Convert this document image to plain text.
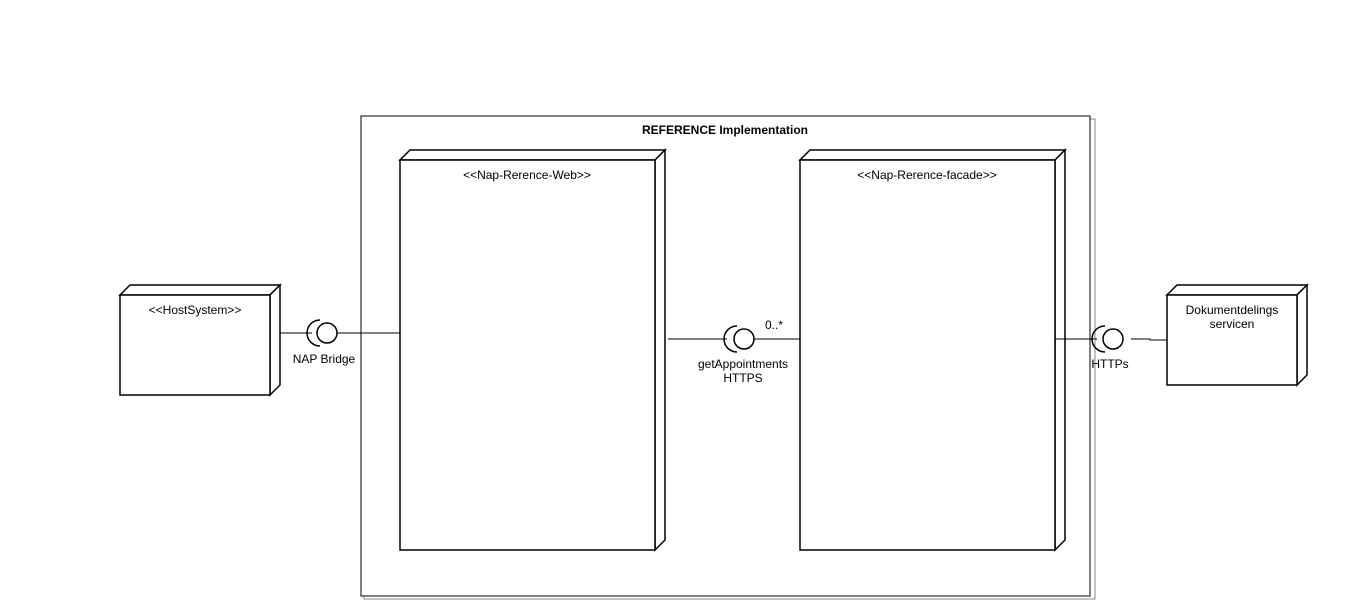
REFERENCE Implementation
<<HostSystem>>
<<Nap-Rerence-Web>>	<<Nap-Rerence-facade>>
Dokumentdelings
servicen
NAP Bridge
0..*
getAppointments
HTTPS
HTTPs
